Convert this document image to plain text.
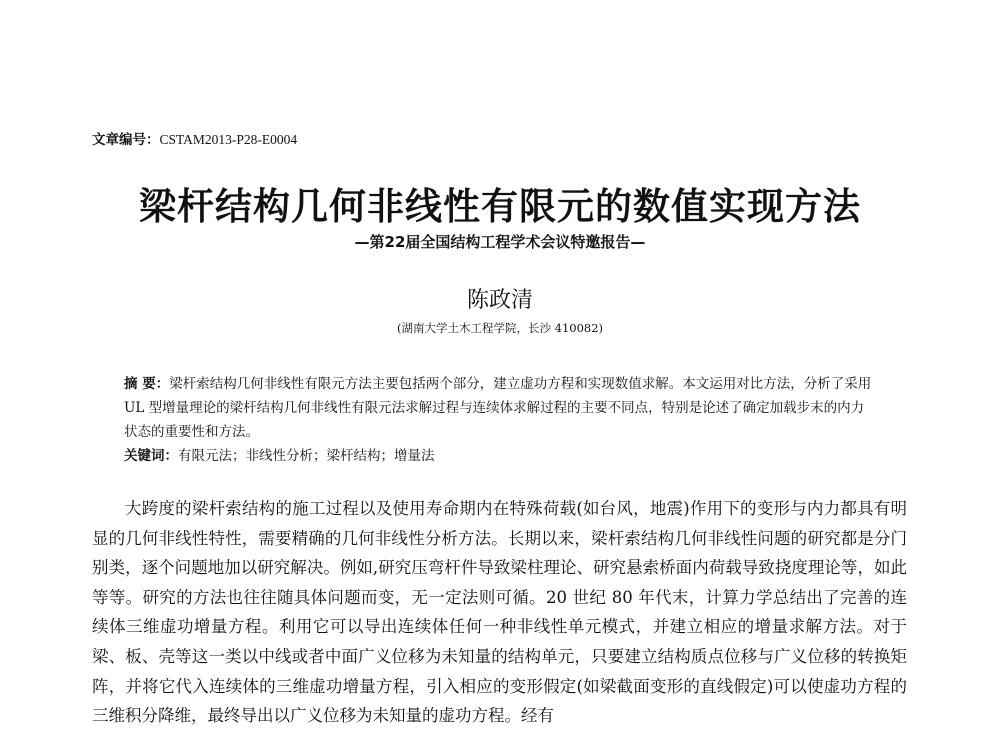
文章编号：CSTAM2013-P28-E0004
梁杆结构几何非线性有限元的数值实现方法
—第22届全国结构工程学术会议特邀报告—
陈政清
(湖南大学土木工程学院，长沙 410082)
摘 要：梁杆索结构几何非线性有限元方法主要包括两个部分，建立虚功方程和实现数值求解。本文运用对比方法，分析了采用 UL 型增量理论的梁杆结构几何非线性有限元法求解过程与连续体求解过程的主要不同点，特别是论述了确定加载步末的内力状态的重要性和方法。
关键词：有限元法；非线性分析；梁杆结构；增量法
大跨度的梁杆索结构的施工过程以及使用寿命期内在特殊荷载(如台风，地震)作用下的变形与内力都具有明显的几何非线性特性，需要精确的几何非线性分析方法。长期以来，梁杆索结构几何非线性问题的研究都是分门别类，逐个问题地加以研究解决。例如,研究压弯杆件导致梁柱理论、研究悬索桥面内荷载导致挠度理论等，如此等等。研究的方法也往往随具体问题而变，无一定法则可循。20 世纪 80 年代末，计算力学总结出了完善的连续体三维虚功增量方程。利用它可以导出连续体任何一种非线性单元模式，并建立相应的增量求解方法。对于梁、板、壳等这一类以中线或者中面广义位移为未知量的结构单元，只要建立结构质点位移与广义位移的转换矩阵，并将它代入连续体的三维虚功增量方程，引入相应的变形假定(如梁截面变形的直线假定)可以使虚功方程的三维积分降维，最终导出以广义位移为未知量的虚功方程。经有
